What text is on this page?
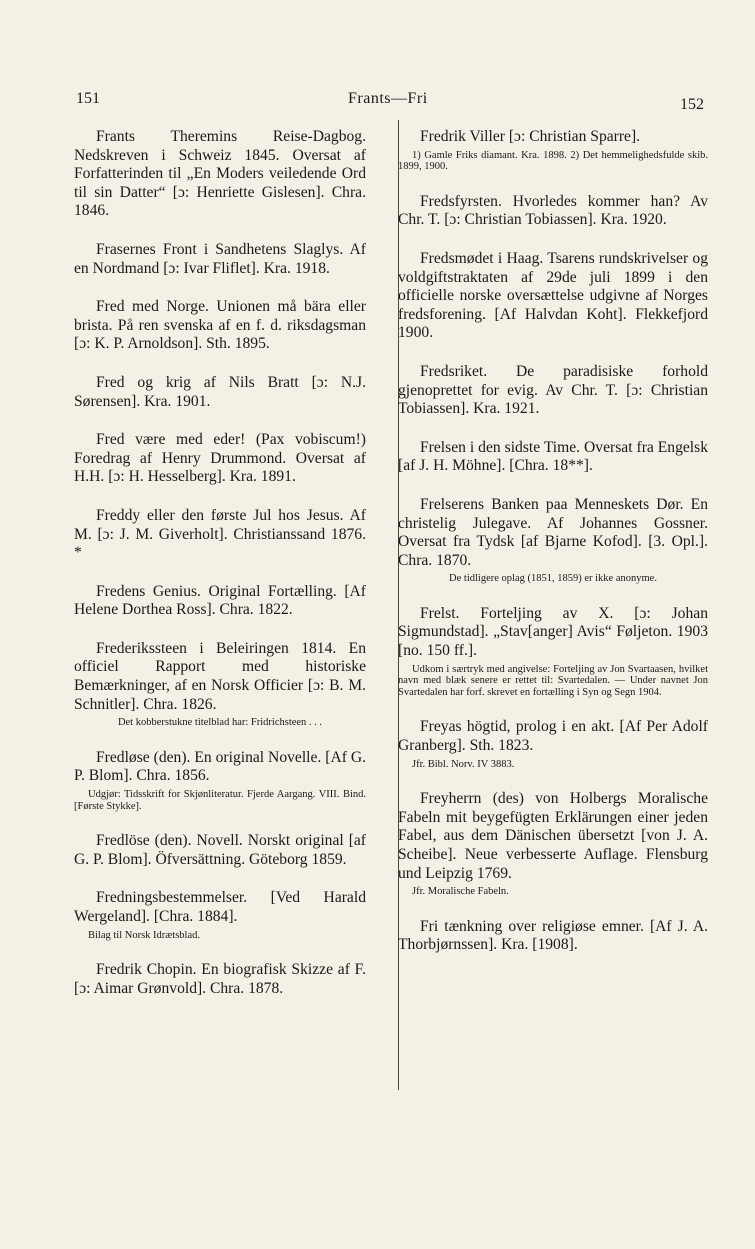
151	Frants—Fri	152
Frants Theremins Reise-Dagbog. Nedskreven i Schweiz 1845. Oversat af Forfatterinden til „En Moders veiledende Ord til sin Datter“ [ɔ: Henriette Gislesen]. Chra. 1846.
Frasernes Front i Sandhetens Slaglys. Af en Nordmand [ɔ: Ivar Fliflet]. Kra. 1918.
Fred med Norge. Unionen må bära eller brista. På ren svenska af en f. d. riksdagsman [ɔ: K. P. Arnoldson]. Sth. 1895.
Fred og krig af Nils Bratt [ɔ: N.J. Sørensen]. Kra. 1901.
Fred være med eder! (Pax vobiscum!) Foredrag af Henry Drummond. Oversat af H.H. [ɔ: H. Hesselberg]. Kra. 1891.
Freddy eller den første Jul hos Jesus. Af M. [ɔ: J. M. Giverholt]. Christianssand 1876. *
Fredens Genius. Original Fortælling. [Af Helene Dorthea Ross]. Chra. 1822.
Frederikssteen i Beleiringen 1814. En officiel Rapport med historiske Bemærkninger, af en Norsk Officier [ɔ: B. M. Schnitler]. Chra. 1826.
Det kobberstukne titelblad har: Fridrichsteen . . .
Fredløse (den). En original Novelle. [Af G. P. Blom]. Chra. 1856.
Udgjør: Tidsskrift for Skjønliteratur. Fjerde Aargang. VIII. Bind. [Første Stykke].
Fredlöse (den). Novell. Norskt original [af G. P. Blom]. Öfversättning. Göteborg 1859.
Fredningsbestemmelser. [Ved Harald Wergeland]. [Chra. 1884].
Bilag til Norsk Idrætsblad.
Fredrik Chopin. En biografisk Skizze af F. [ɔ: Aimar Grønvold]. Chra. 1878.
Fredrik Viller [ɔ: Christian Sparre].
1) Gamle Friks diamant. Kra. 1898. 2) Det hemmelighedsfulde skib. 1899, 1900.
Fredsfyrsten. Hvorledes kommer han? Av Chr. T. [ɔ: Christian Tobiassen]. Kra. 1920.
Fredsmødet i Haag. Tsarens rundskrivelser og voldgiftstraktaten af 29de juli 1899 i den officielle norske oversættelse udgivne af Norges fredsforening. [Af Halvdan Koht]. Flekkefjord 1900.
Fredsriket. De paradisiske forhold gjenoprettet for evig. Av Chr. T. [ɔ: Christian Tobiassen]. Kra. 1921.
Frelsen i den sidste Time. Oversat fra Engelsk [af J. H. Möhne]. [Chra. 18**].
Frelserens Banken paa Menneskets Dør. En christelig Julegave. Af Johannes Gossner. Oversat fra Tydsk [af Bjarne Kofod]. [3. Opl.]. Chra. 1870.
De tidligere oplag (1851, 1859) er ikke anonyme.
Frelst. Forteljing av X. [ɔ: Johan Sigmundstad]. „Stav[anger] Avis“ Føljeton. 1903 [no. 150 ff.].
Udkom i særtryk med angivelse: Forteljing av Jon Svartaasen, hvilket navn med blæk senere er rettet til: Svartedalen. — Under navnet Jon Svartedalen har forf. skrevet en fortælling i Syn og Segn 1904.
Freyas högtid, prolog i en akt. [Af Per Adolf Granberg]. Sth. 1823.
Jfr. Bibl. Norv. IV 3883.
Freyherrn (des) von Holbergs Moralische Fabeln mit beygefügten Erklärungen einer jeden Fabel, aus dem Dänischen übersetzt [von J. A. Scheibe]. Neue verbesserte Auflage. Flensburg und Leipzig 1769.
Jfr. Moralische Fabeln.
Fri tænkning over religiøse emner. [Af J. A. Thorbjørnssen]. Kra. [1908].
